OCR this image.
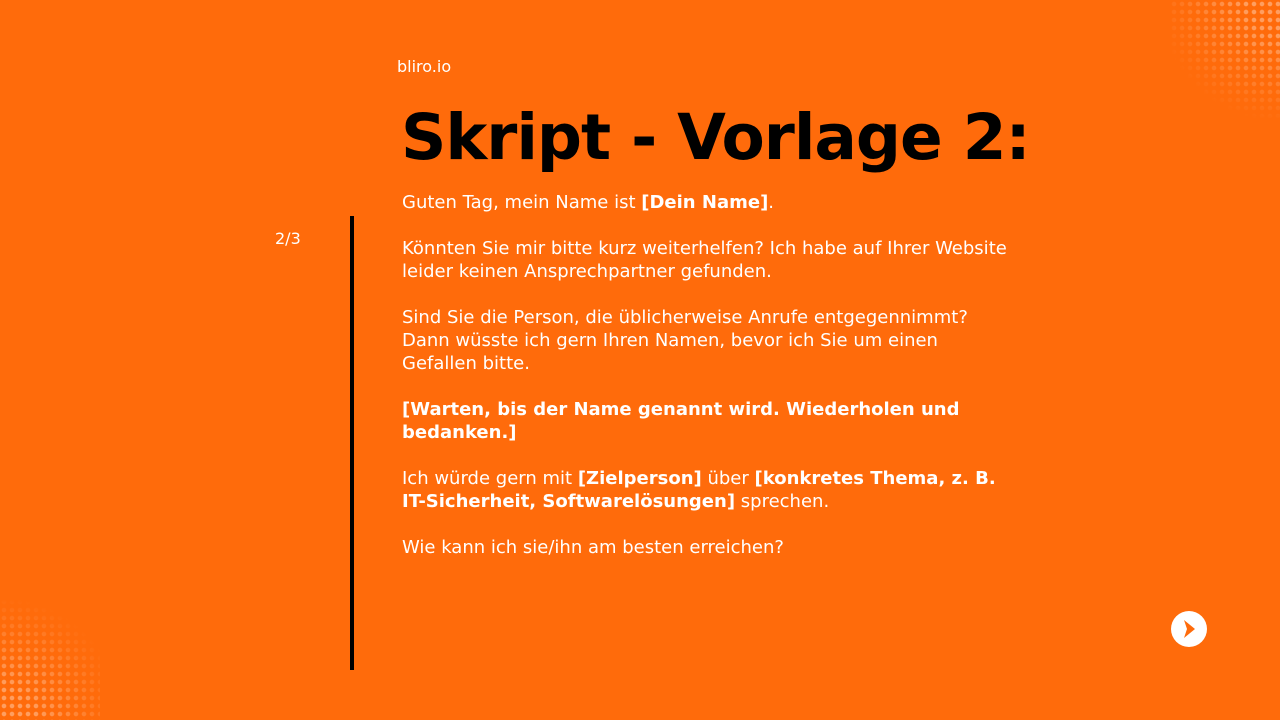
bliro.io
Skript - Vorlage 2:
2/3

Guten Tag, mein Name ist [Dein Name].

Könnten Sie mir bitte kurz weiterhelfen? Ich habe auf Ihrer Website leider keinen Ansprechpartner gefunden.

Sind Sie die Person, die üblicherweise Anrufe entgegennimmt? Dann wüsste ich gern Ihren Namen, bevor ich Sie um einen Gefallen bitte.

[Warten, bis der Name genannt wird. Wiederholen und bedanken.]

Ich würde gern mit [Zielperson] über [konkretes Thema, z. B. IT-Sicherheit, Softwarelösungen] sprechen.

Wie kann ich sie/ihn am besten erreichen?
